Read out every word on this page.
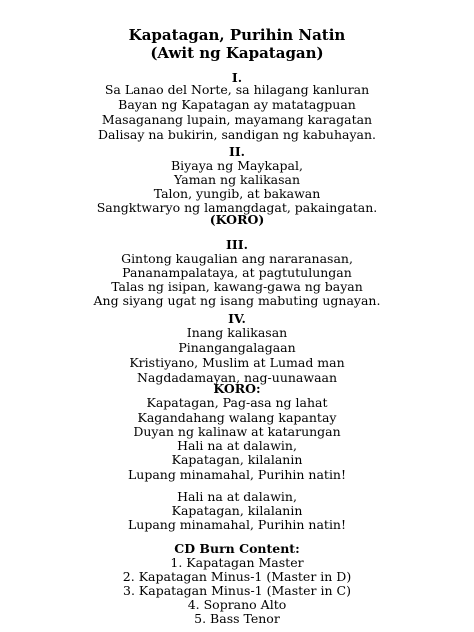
Kapatagan, Purihin Natin
(Awit ng Kapatagan)
I.
Sa Lanao del Norte, sa hilagang kanluran
Bayan ng Kapatagan ay matatagpuan
Masaganang lupain, mayamang karagatan
Dalisay na bukirin, sandigan ng kabuhayan.
II.
Biyaya ng Maykapal,
Yaman ng kalikasan
Talon, yungib, at bakawan
Sangktwaryo ng lamangdagat, pakaingatan.
(KORO)
III.
Gintong kaugalian ang nararanasan,
Pananampalataya, at pagtutulungan
Talas ng isipan, kawang-gawa ng bayan
Ang siyang ugat ng isang mabuting ugnayan.
IV.
Inang kalikasan
Pinangangalagaan
Kristiyano, Muslim at Lumad man
Nagdadamayan, nag-uunawaan
KORO:
Kapatagan, Pag-asa ng lahat
Kagandahang walang kapantay
Duyan ng kalinaw at katarungan
Hali na at dalawin,
Kapatagan, kilalanin
Lupang minamahal, Purihin natin!
Hali na at dalawin,
Kapatagan, kilalanin
Lupang minamahal, Purihin natin!
CD Burn Content:
1. Kapatagan Master
2. Kapatagan Minus-1 (Master in D)
3. Kapatagan Minus-1 (Master in C)
4. Soprano Alto
5. Bass Tenor
